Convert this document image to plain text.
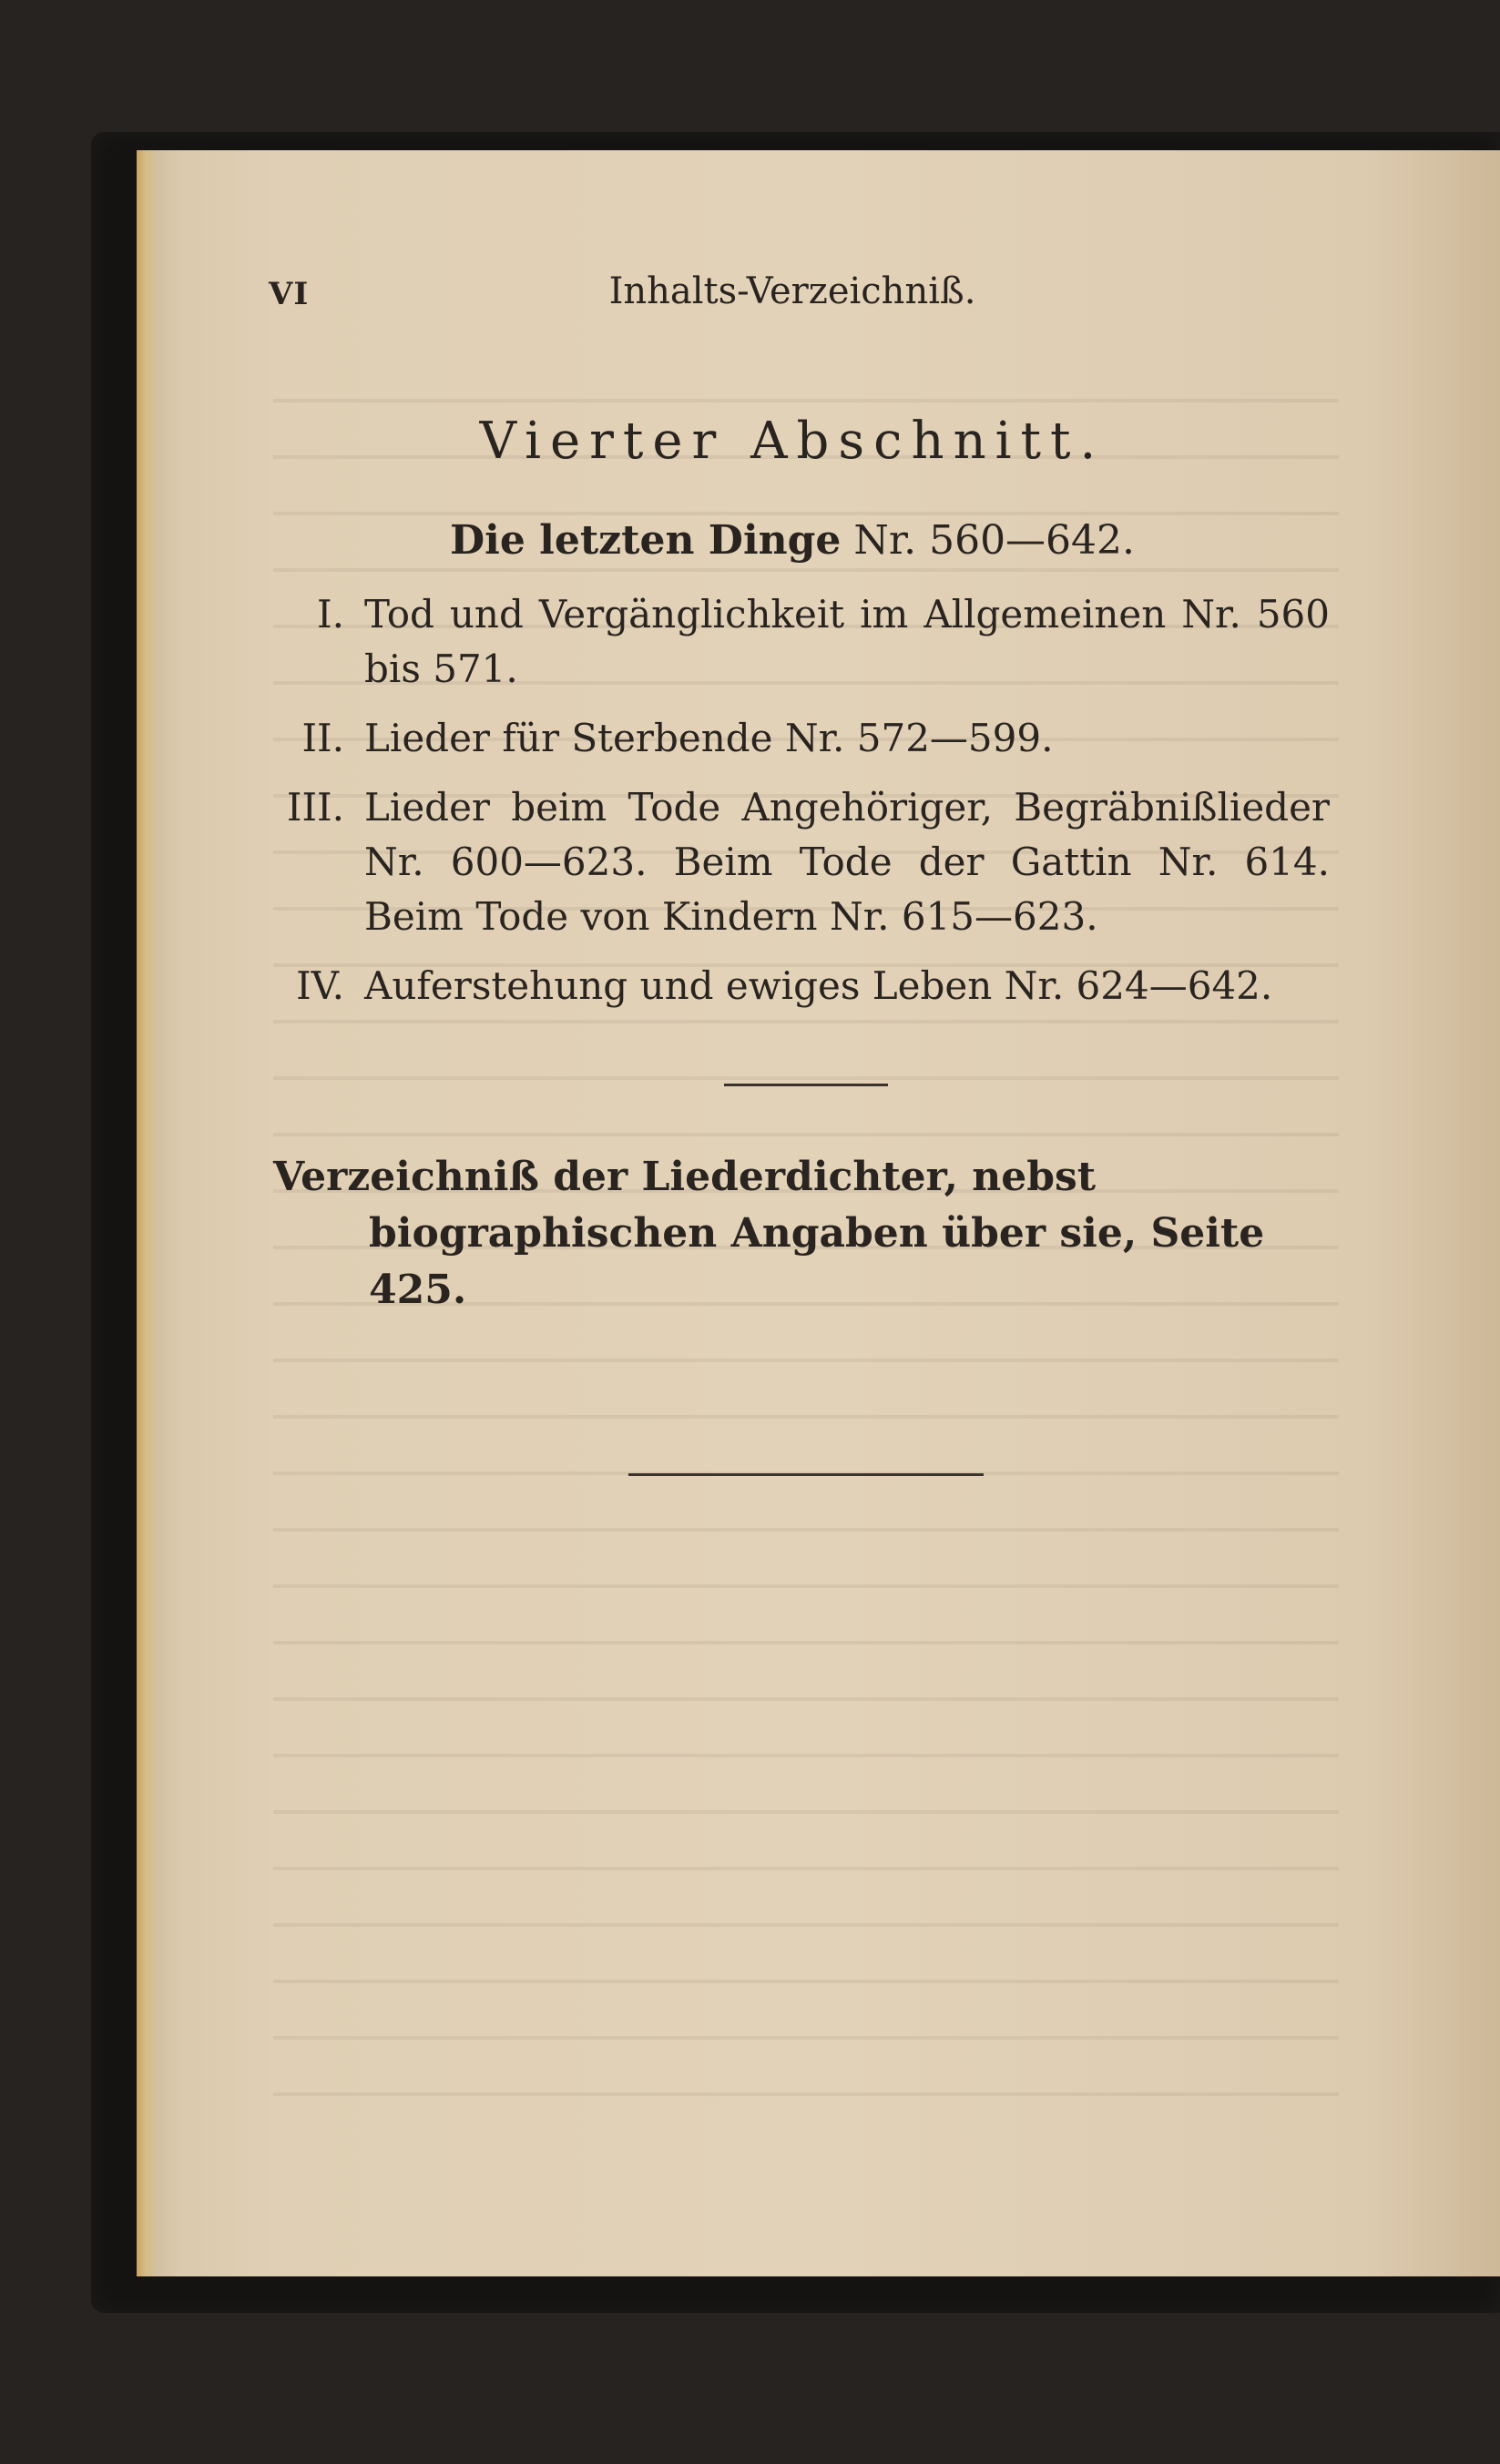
VI	Inhalts-Verzeichniß.
Vierter Abschnitt.
Die letzten Dinge Nr. 560—642.
I. Tod und Vergänglichkeit im Allgemeinen Nr. 560 bis 571.
II. Lieder für Sterbende Nr. 572—599.
III. Lieder beim Tode Angehöriger, Begräbnißlieder Nr. 600—623. Beim Tode der Gattin Nr. 614. Beim Tode von Kindern Nr. 615—623.
IV. Auferstehung und ewiges Leben Nr. 624—642.
Verzeichniß der Liederdichter, nebst biographischen Angaben über sie, Seite 425.
